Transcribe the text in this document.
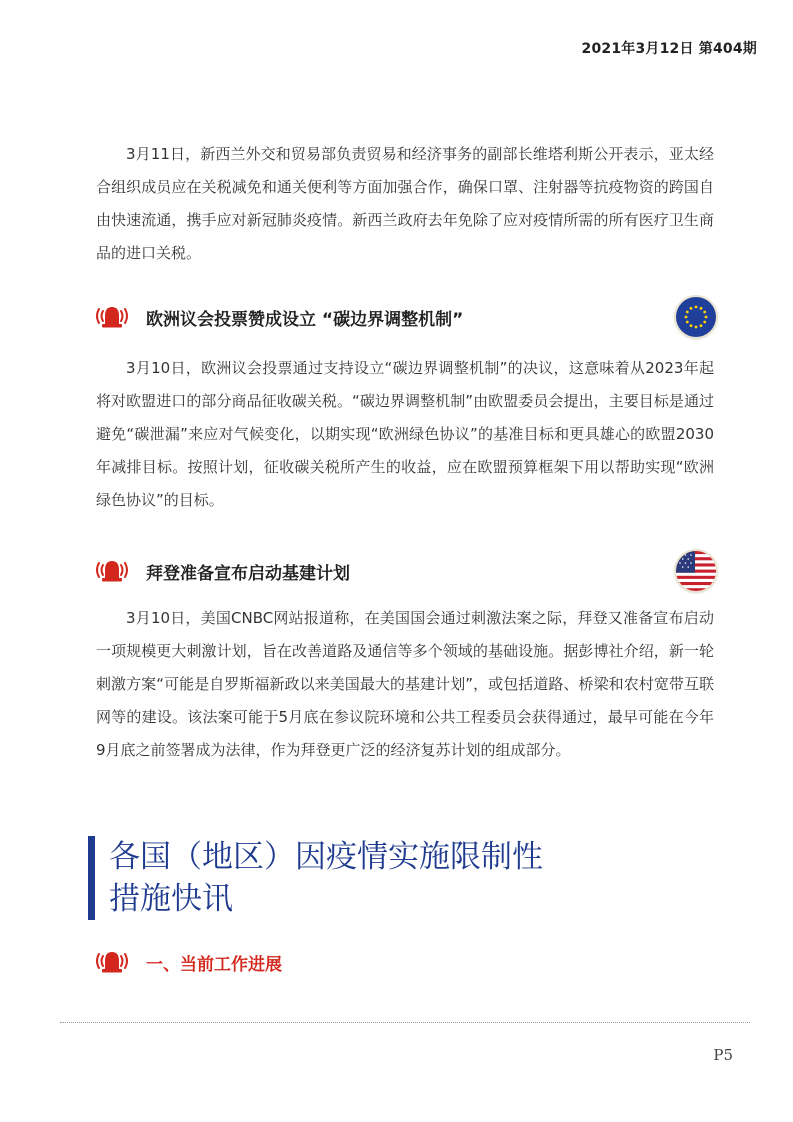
2021年3月12日 第404期

3月11日，新西兰外交和贸易部负责贸易和经济事务的副部长维塔利斯公开表示，亚太经合组织成员应在关税减免和通关便利等方面加强合作，确保口罩、注射器等抗疫物资的跨国自由快速流通，携手应对新冠肺炎疫情。新西兰政府去年免除了应对疫情所需的所有医疗卫生商品的进口关税。

欧洲议会投票赞成设立 “碳边界调整机制”

3月10日，欧洲议会投票通过支持设立“碳边界调整机制”的决议，这意味着从2023年起将对欧盟进口的部分商品征收碳关税。“碳边界调整机制”由欧盟委员会提出，主要目标是通过避免“碳泄漏”来应对气候变化，以期实现“欧洲绿色协议”的基准目标和更具雄心的欧盟2030年减排目标。按照计划，征收碳关税所产生的收益，应在欧盟预算框架下用以帮助实现“欧洲绿色协议”的目标。

拜登准备宣布启动基建计划

3月10日，美国CNBC网站报道称，在美国国会通过刺激法案之际，拜登又准备宣布启动一项规模更大刺激计划，旨在改善道路及通信等多个领域的基础设施。据彭博社介绍，新一轮刺激方案“可能是自罗斯福新政以来美国最大的基建计划”，或包括道路、桥梁和农村宽带互联网等的建设。该法案可能于5月底在参议院环境和公共工程委员会获得通过，最早可能在今年9月底之前签署成为法律，作为拜登更广泛的经济复苏计划的组成部分。

各国（地区）因疫情实施限制性
措施快讯
一、当前工作进展
P5
